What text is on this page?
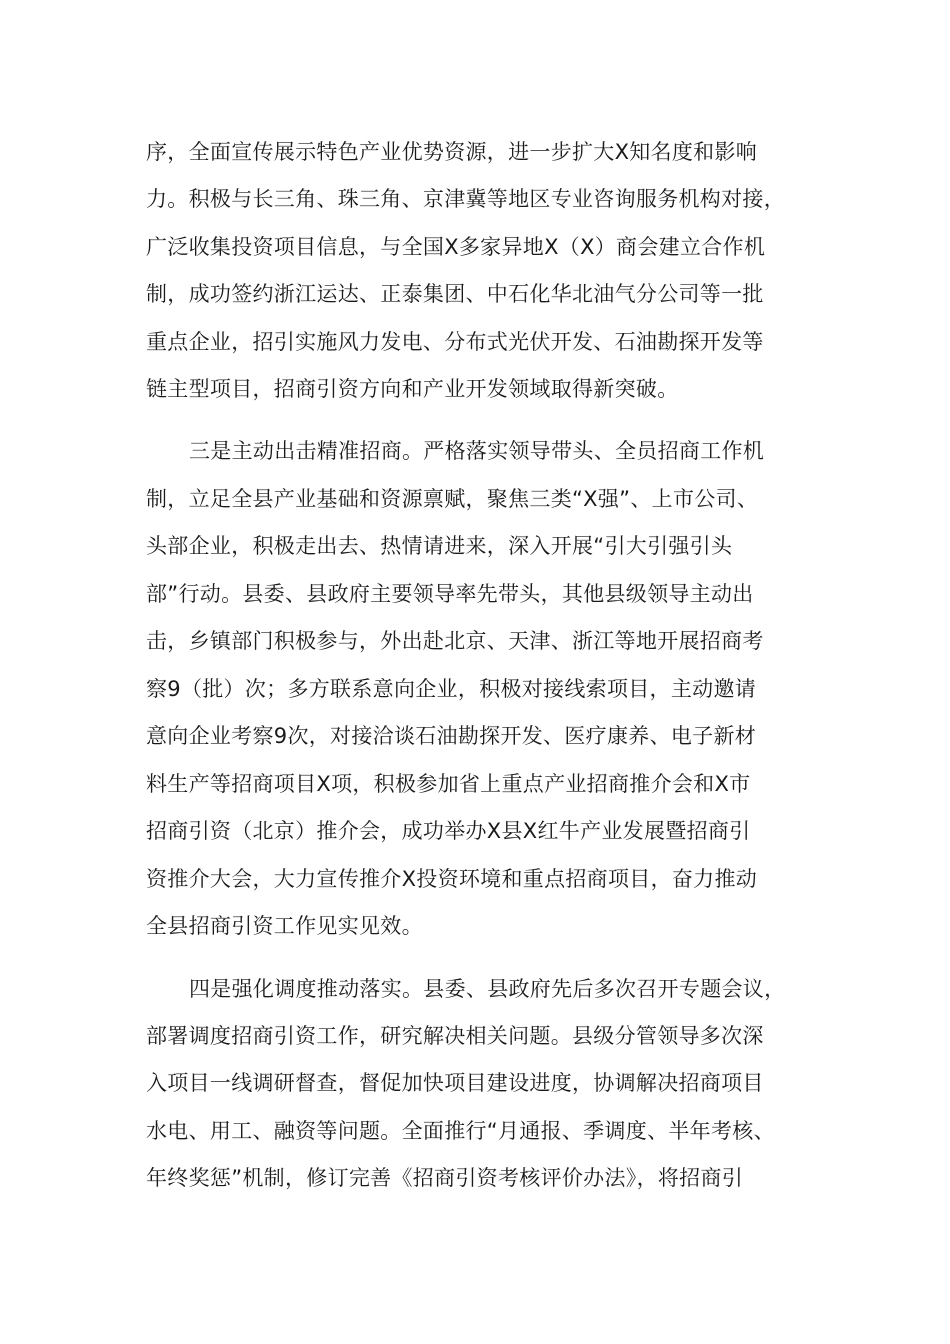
序，全面宣传展示特色产业优势资源，进一步扩大X知名度和影响
力。积极与长三角、珠三角、京津冀等地区专业咨询服务机构对接，
广泛收集投资项目信息，与全国X多家异地X（X）商会建立合作机
制，成功签约浙江运达、正泰集团、中石化华北油气分公司等一批
重点企业，招引实施风力发电、分布式光伏开发、石油勘探开发等
链主型项目，招商引资方向和产业开发领域取得新突破。
三是主动出击精准招商。严格落实领导带头、全员招商工作机
制，立足全县产业基础和资源禀赋，聚焦三类“X强”、上市公司、
头部企业，积极走出去、热情请进来，深入开展“引大引强引头
部”行动。县委、县政府主要领导率先带头，其他县级领导主动出
击，乡镇部门积极参与，外出赴北京、天津、浙江等地开展招商考
察9（批）次；多方联系意向企业，积极对接线索项目，主动邀请
意向企业考察9次，对接洽谈石油勘探开发、医疗康养、电子新材
料生产等招商项目X项，积极参加省上重点产业招商推介会和X市
招商引资（北京）推介会，成功举办X县X红牛产业发展暨招商引
资推介大会，大力宣传推介X投资环境和重点招商项目，奋力推动
全县招商引资工作见实见效。
四是强化调度推动落实。县委、县政府先后多次召开专题会议，
部署调度招商引资工作，研究解决相关问题。县级分管领导多次深
入项目一线调研督查，督促加快项目建设进度，协调解决招商项目
水电、用工、融资等问题。全面推行“月通报、季调度、半年考核、
年终奖惩”机制，修订完善《招商引资考核评价办法》，将招商引
